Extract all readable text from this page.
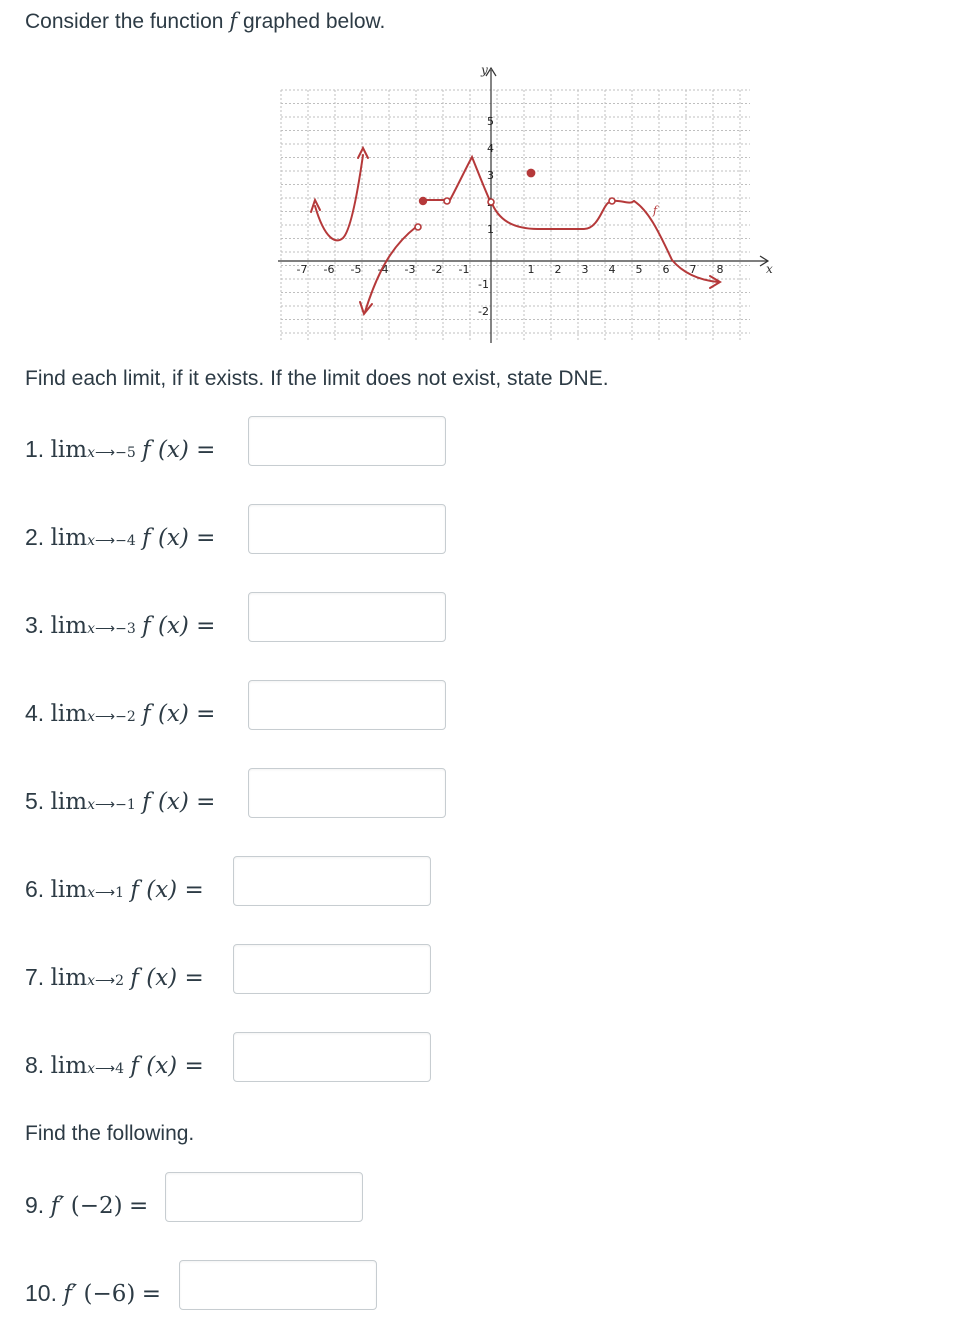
Consider the function f graphed below.
x
y
-7 -6 -5 -4 -3 -2 -1	1 2 3 4 5 6 7 8
5
4
3
1
-1
-2
f
Find each limit, if it exists. If the limit does not exist, state DNE.
1. limx⟶−5 f (x) =
2. limx⟶−4 f (x) =
3. limx⟶−3 f (x) =
4. limx⟶−2 f (x) =
5. limx⟶−1 f (x) =
6. limx⟶1 f (x) =
7. limx⟶2 f (x) =
8. limx⟶4 f (x) =
Find the following.
9. f′ (−2) =
10. f′ (−6) =
